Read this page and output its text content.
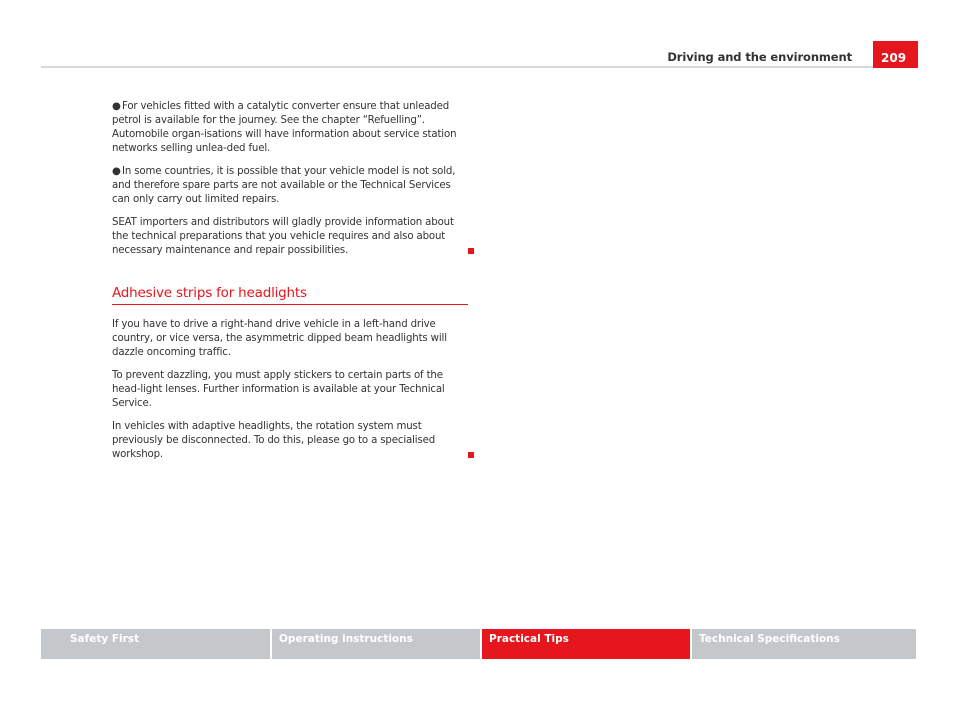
Driving and the environment	209

●For vehicles fitted with a catalytic converter ensure that unleaded petrol is available for the journey. See the chapter “Refuelling”. Automobile organ-isations will have information about service station networks selling unlea-ded fuel.

●In some countries, it is possible that your vehicle model is not sold, and therefore spare parts are not available or the Technical Services can only carry out limited repairs.

SEAT importers and distributors will gladly provide information about the technical preparations that you vehicle requires and also about necessary maintenance and repair possibilities.

Adhesive strips for headlights

If you have to drive a right-hand drive vehicle in a left-hand drive country, or vice versa, the asymmetric dipped beam headlights will dazzle oncoming traffic.

To prevent dazzling, you must apply stickers to certain parts of the head-light lenses. Further information is available at your Technical Service.

In vehicles with adaptive headlights, the rotation system must previously be disconnected. To do this, please go to a specialised workshop.

Safety First	Operating instructions	Practical Tips	Technical Specifications
